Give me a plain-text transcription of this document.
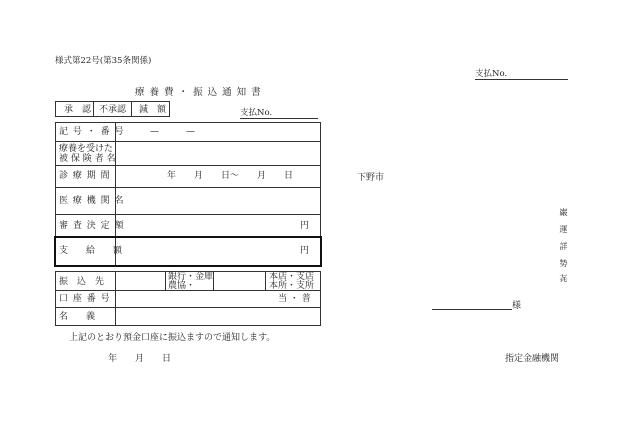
様式第22号(第35条関係)
支払No.
療 養 費 ・ 振 込 通 知 書
承　認 不承認 減　額	支払No.
記 号 ・ 番 号	—　　　—
療養を受けた
被 保 険 者 名
診 療 期 間	年　　月　　日～　　月　　日
医 療 機 関 名
審 査 決 定 額	円
支　　給　　額	円
振　込　先	銀行・金庫
農協・
本店・支店
本所・支所
口 座 番 号	当 ・ 普
名　　義
上記のとおり預金口座に振込ますので通知します。
年　　月　　日
下野市
巌
運
詳
㔟
㐂
様
指定金融機関
